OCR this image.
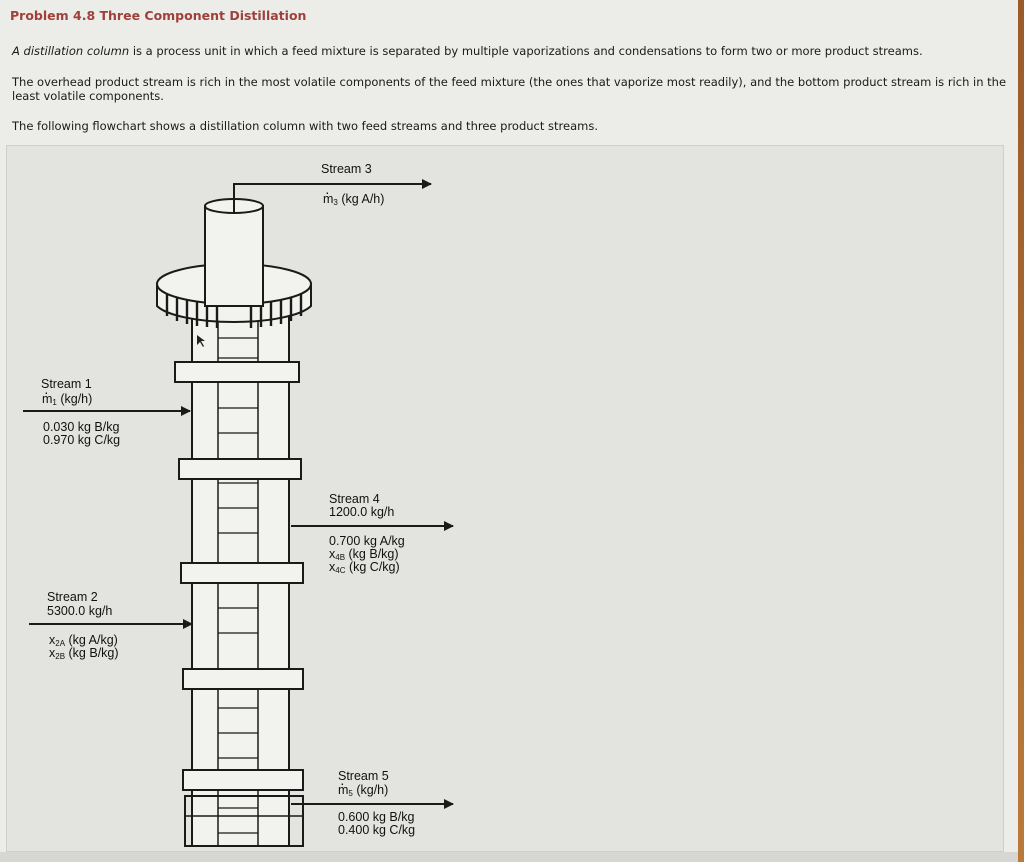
Problem 4.8 Three Component Distillation

A distillation column is a process unit in which a feed mixture is separated by multiple vaporizations and condensations to form two or more product streams.

The overhead product stream is rich in the most volatile components of the feed mixture (the ones that vaporize most readily), and the bottom product stream is rich in the least volatile components.

The following flowchart shows a distillation column with two feed streams and three product streams.

Stream 3
· $m_3$ (kg A/h)
Stream 1
· $m_1$ (kg/h)
0.030 kg B/kg
0.970 kg C/kg
Stream 2
5300.0 kg/h
$x_{2A}$ (kg A/kg)
$x_{2B}$ (kg B/kg)
Stream 4
1200.0 kg/h
0.700 kg A/kg
$x_{4B}$ (kg B/kg)
$x_{4C}$ (kg C/kg)
Stream 5
· $m_5$ (kg/h)
0.600 kg B/kg
0.400 kg C/kg
